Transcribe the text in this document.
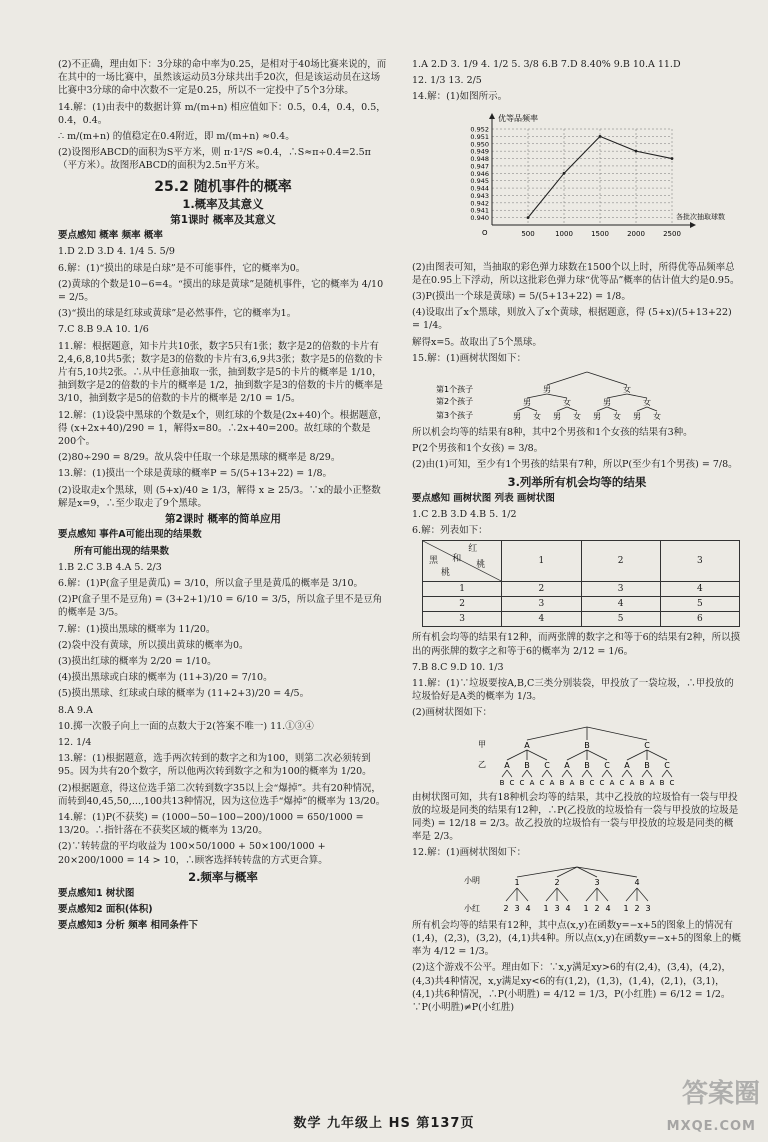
(2)不正确，理由如下：3分球的命中率为0.25，是相对于40场比赛来说的，而在其中的一场比赛中，虽然该运动员3分球共出手20次，但是该运动员在这场比赛中3分球的命中次数不一定是0.25，所以不一定投中了5个3分球。

14.解：(1)由表中的数据计算 m/(m+n) 相应值如下：0.5，0.4，0.4，0.5，0.4，0.4。

∴ m/(m+n) 的值稳定在0.4附近，即 m/(m+n) ≈0.4。

(2)设图形ABCD的面积为S平方米，则 π·1²/S ≈0.4，∴S≈π÷0.4=2.5π（平方米）。故图形ABCD的面积为2.5π平方米。

25.2 随机事件的概率
1.概率及其意义
第1课时 概率及其意义

要点感知 概率 频率 概率

1.D 2.D 3.D 4. 1/4 5. 5/9

6.解：(1)“摸出的球是白球”是不可能事件，它的概率为0。

(2)黄球的个数是10−6=4。“摸出的球是黄球”是随机事件，它的概率为 4/10 = 2/5。

(3)“摸出的球是红球或黄球”是必然事件，它的概率为1。

7.C 8.B 9.A 10. 1/6

11.解：根据题意，知卡片共10张，数字5只有1张；数字是2的倍数的卡片有2,4,6,8,10共5张；数字是3的倍数的卡片有3,6,9共3张；数字是5的倍数的卡片有5,10共2张。∴从中任意抽取一张，抽到数字是5的卡片的概率是 1/10，抽到数字是2的倍数的卡片的概率是 1/2，抽到数字是3的倍数的卡片的概率是 3/10，抽到数字是5的倍数的卡片的概率是 2/10 = 1/5。

12.解：(1)设袋中黑球的个数是x个，则红球的个数是(2x+40)个。根据题意，得 (x+2x+40)/290 = 1，解得x=80。∴2x+40=200。故红球的个数是200个。

(2)80÷290 = 8/29。故从袋中任取一个球是黑球的概率是 8/29。

13.解：(1)摸出一个球是黄球的概率P = 5/(5+13+22) = 1/8。

(2)设取走x个黑球，则 (5+x)/40 ≥ 1/3，解得 x ≥ 25/3。∵x的最小正整数解是x=9，∴至少取走了9个黑球。

第2课时 概率的简单应用

要点感知 事件A可能出现的结果数

所有可能出现的结果数

1.B 2.C 3.B 4.A 5. 2/3

6.解：(1)P(盒子里是黄瓜) = 3/10，所以盒子里是黄瓜的概率是 3/10。

(2)P(盒子里不是豆角) = (3+2+1)/10 = 6/10 = 3/5，所以盒子里不是豆角的概率是 3/5。

7.解：(1)摸出黑球的概率为 11/20。

(2)袋中没有黄球，所以摸出黄球的概率为0。

(3)摸出红球的概率为 2/20 = 1/10。

(4)摸出黑球或白球的概率为 (11+3)/20 = 7/10。

(5)摸出黑球、红球或白球的概率为 (11+2+3)/20 = 4/5。

8.A 9.A

10.掷一次骰子向上一面的点数大于2(答案不唯一) 11.①③④

12. 1/4

13.解：(1)根据题意，选手两次转到的数字之和为100，则第二次必须转到95。因为共有20个数字，所以他两次转到数字之和为100的概率为 1/20。

(2)根据题意，得这位选手第二次转到数字35以上会“爆掉”。共有20种情况，而转到40,45,50,...,100共13种情况，因为这位选手“爆掉”的概率为 13/20。

14.解：(1)P(不获奖) = (1000−50−100−200)/1000 = 650/1000 = 13/20。∴指针落在不获奖区域的概率为 13/20。

(2)∵转转盘的平均收益为 100×50/1000 + 50×100/1000 + 20×200/1000 = 14 > 10，∴顾客选择转转盘的方式更合算。

2.频率与概率

要点感知1 树状图

要点感知2 面积(体积)

要点感知3 分析 频率 相同条件下

1.A 2.D 3. 1/9 4. 1/2 5. 3/8 6.B 7.D 8.40% 9.B 10.A 11.D

12. 1/3 13. 2/5

14.解：(1)如图所示。

0.952
0.951
0.950
0.949
0.948
0.947
0.946
0.945
0.944
0.943
0.942
0.941
0.940
500	1000	1500	2000	2500
优等品频率
各批次抽取球数
O

(2)由图表可知，当抽取的彩色弹力球数在1500个以上时，所得优等品频率总是在0.95上下浮动，所以这批彩色弹力球“优等品”概率的估计值大约是0.95。

(3)P(摸出一个球是黄球) = 5/(5+13+22) = 1/8。

(4)设取出了x个黑球，则放入了x个黄球，根据题意，得 (5+x)/(5+13+22) = 1/4。

解得x=5。故取出了5个黑球。

15.解：(1)画树状图如下：

第1个孩子
第2个孩子
第3个孩子
男	女
男	女	男	女
男 女 男 女 男 女 男 女

所以机会均等的结果有8种，其中2个男孩和1个女孩的结果有3种。

P(2个男孩和1个女孩) = 3/8。

(2)由(1)可知，至少有1个男孩的结果有7种，所以P(至少有1个男孩) = 7/8。

3.列举所有机会均等的结果

要点感知 画树状图 列表 画树状图

1.C 2.B 3.D 4.B 5. 1/2

6.解：列表如下：

红
和
桃
黑
桃	1	2	3
1	2	3	4
2	3	4	5
3	4	5	6

所有机会均等的结果有12种，而两张牌的数字之和等于6的结果有2种，所以摸出的两张牌的数字之和等于6的概率为 2/12 = 1/6。

7.B 8.C 9.D 10. 1/3

11.解：(1)∵垃圾要按A,B,C三类分别装袋，甲投放了一袋垃圾，∴甲投放的垃圾恰好是A类的概率为 1/3。

(2)画树状图如下：

甲
乙
A	B	C
A B C A B C A B C
B C C A C A B A B C C A C A B A B C

由树状图可知，共有18种机会均等的结果，其中乙投放的垃圾恰有一袋与甲投放的垃圾是同类的结果有12种，∴P(乙投放的垃圾恰有一袋与甲投放的垃圾是同类) = 12/18 = 2/3。故乙投放的垃圾恰有一袋与甲投放的垃圾是同类的概率是 2/3。

12.解：(1)画树状图如下：

小明
小红
1	2	3	4
2 3 4 1 3 4 1 2 4 1 2 3

所有机会均等的结果有12种，其中点(x,y)在函数y=−x+5的图象上的情况有(1,4)，(2,3)，(3,2)，(4,1)共4种。所以点(x,y)在函数y=−x+5的图象上的概率为 4/12 = 1/3。

(2)这个游戏不公平。理由如下：∵x,y满足xy>6的有(2,4)，(3,4)，(4,2)，(4,3)共4种情况，x,y满足xy<6的有(1,2)，(1,3)，(1,4)，(2,1)，(3,1)，(4,1)共6种情况，∴P(小明胜) = 4/12 = 1/3，P(小红胜) = 6/12 = 1/2。∵P(小明胜)≠P(小红胜)

数学 九年级上 HS 第137页
答案圈
MXQE.COM
